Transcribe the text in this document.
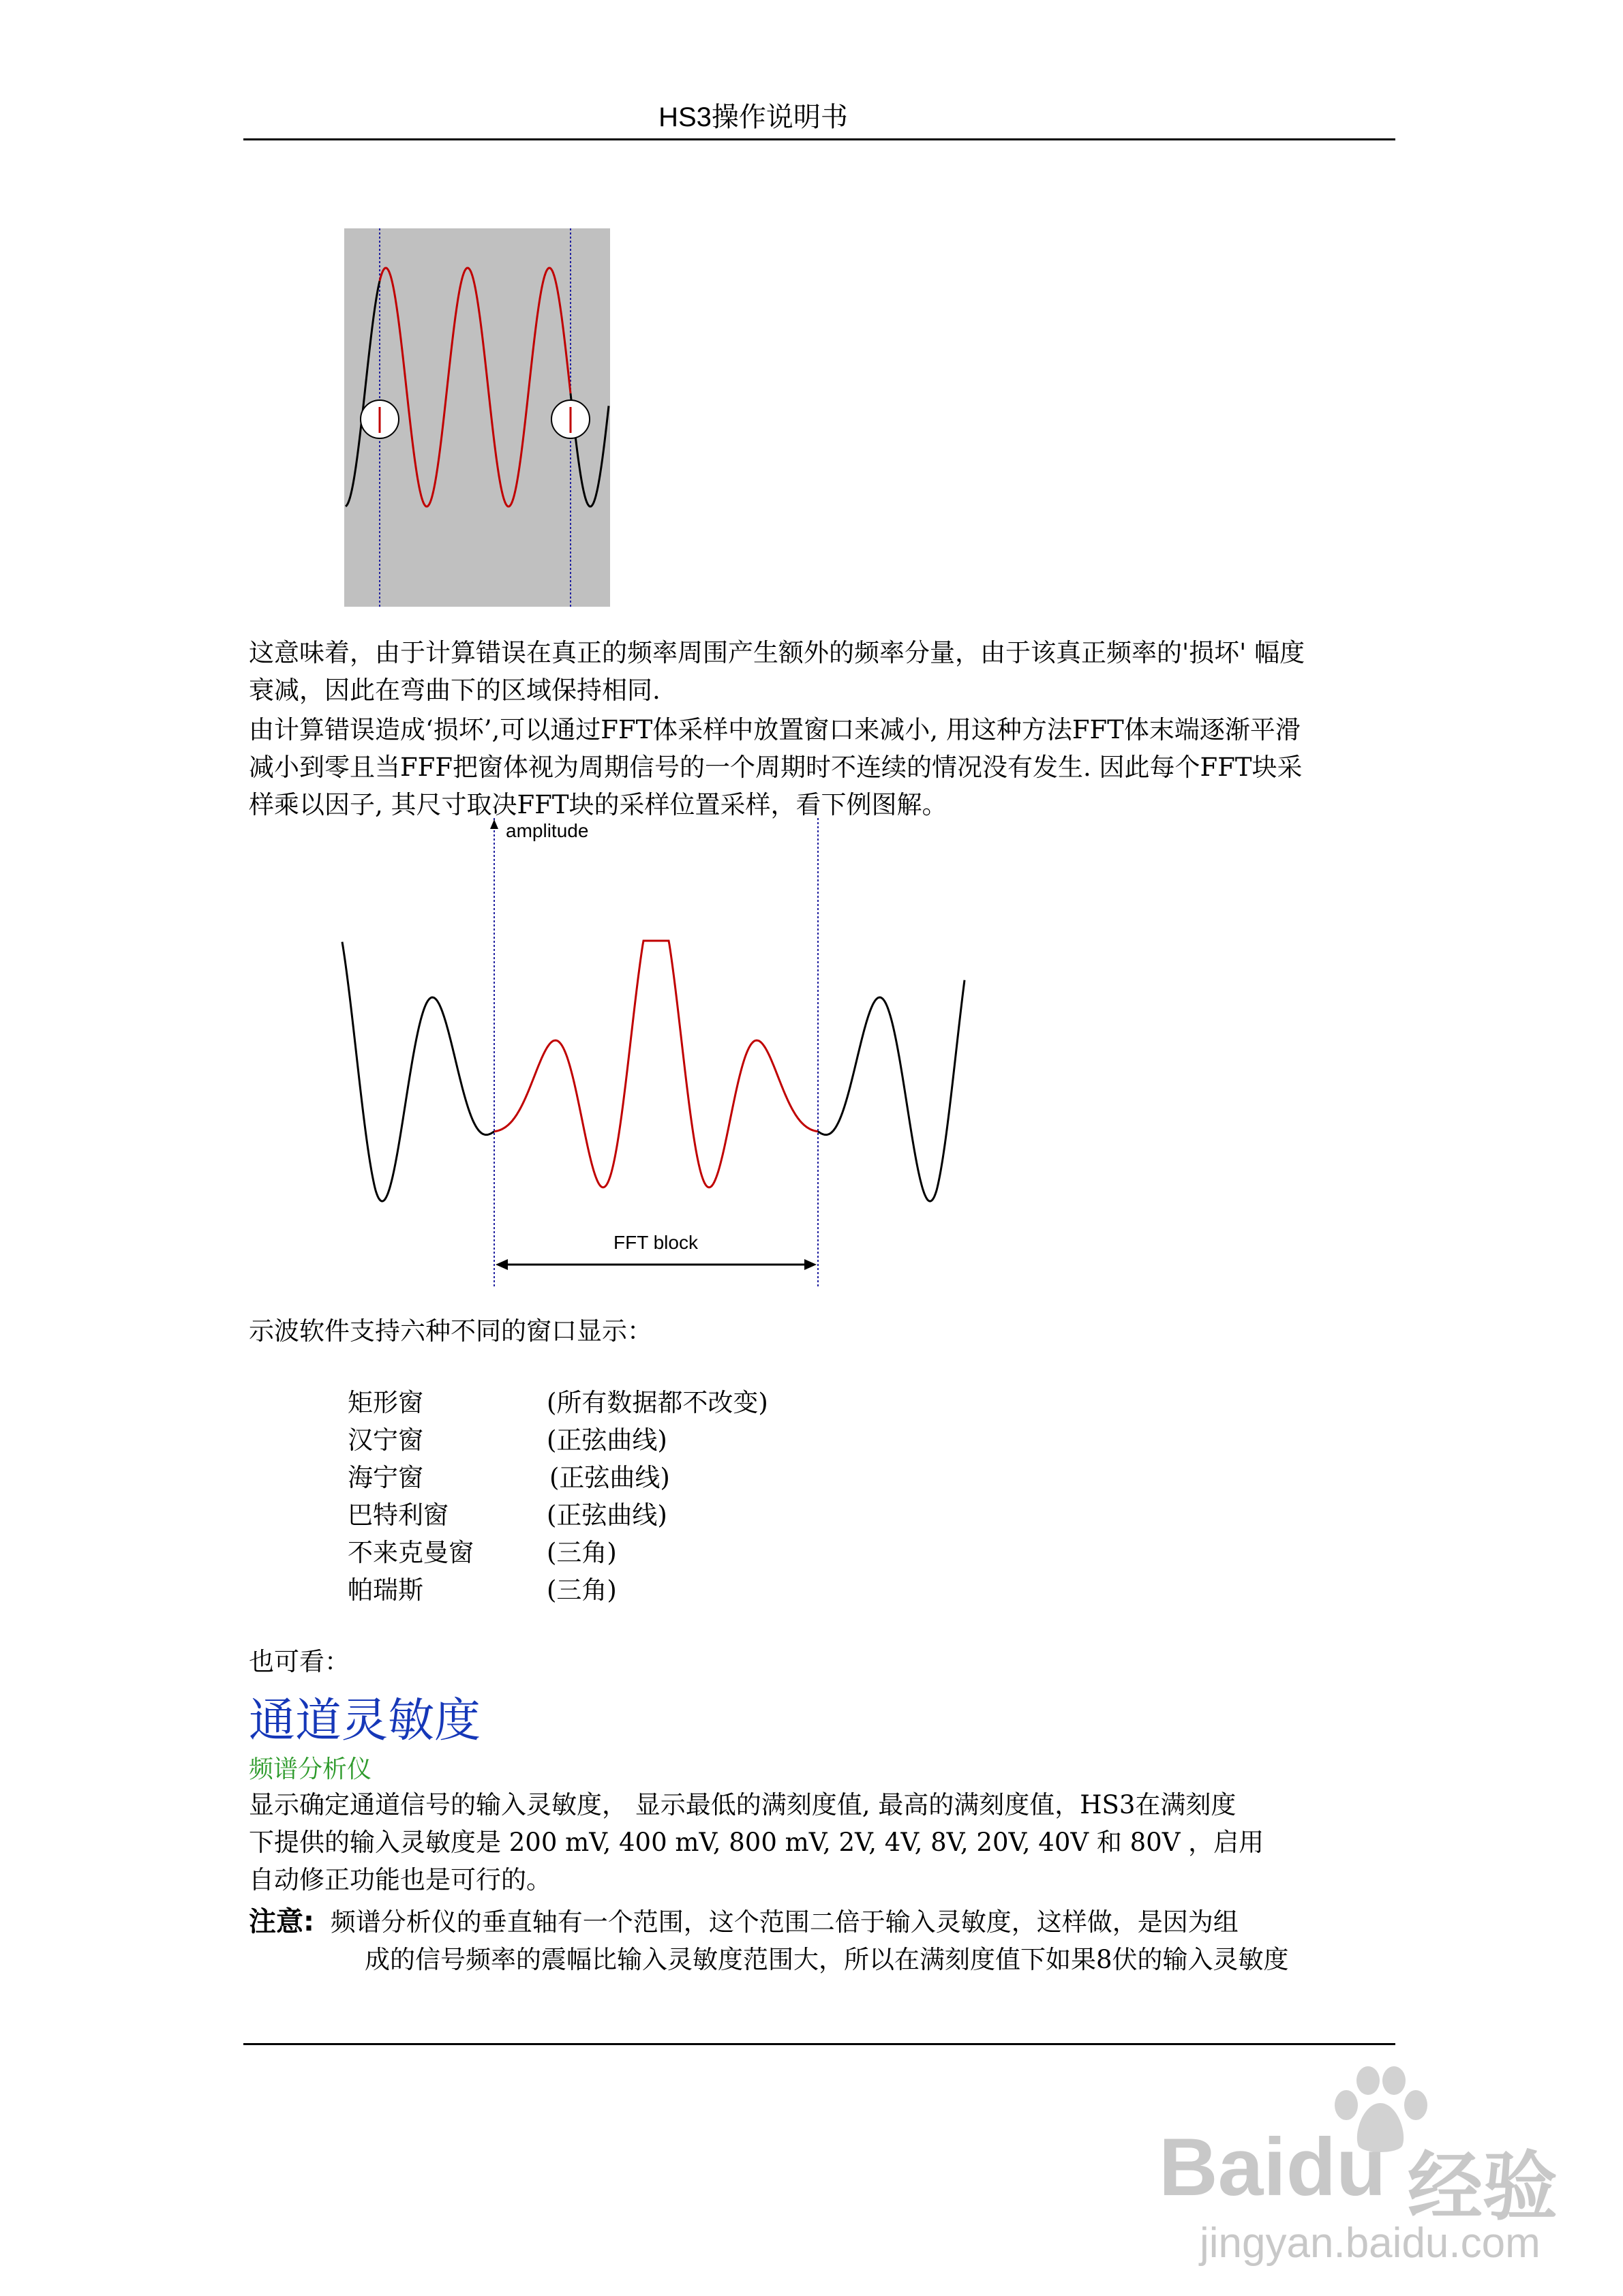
HS3操作说明书

这意味着，由于计算错误在真正的频率周围产生额外的频率分量，由于该真正频率的'损坏' 幅度
衰减，因此在弯曲下的区域保持相同.

由计算错误造成‘损坏’,可以通过FFT体采样中放置窗口来减小, 用这种方法FFT体末端逐渐平滑
减小到零且当FFF把窗体视为周期信号的一个周期时不连续的情况没有发生. 因此每个FFT块采
样乘以因子, 其尺寸取决FFT块的采样位置采样，看下例图解。

amplitude
FFT block

示波软件支持六种不同的窗口显示：

矩形窗	(所有数据都不改变)
汉宁窗	(正弦曲线)
海宁窗	(正弦曲线)
巴特利窗	(正弦曲线)
不来克曼窗	(三角)
帕瑞斯	(三角)

也可看：

通道灵敏度
频谱分析仪

显示确定通道信号的输入灵敏度， 显示最低的满刻度值, 最高的满刻度值，HS3在满刻度
下提供的输入灵敏度是 200 mV, 400 mV, 800 mV, 2V, 4V, 8V, 20V, 40V 和 80V ，启用
自动修正功能也是可行的。

注意: 频谱分析仪的垂直轴有一个范围，这个范围二倍于输入灵敏度，这样做，是因为组
成的信号频率的震幅比输入灵敏度范围大，所以在满刻度值下如果8伏的输入灵敏度
Baidu 经验
jingyan.baidu.com
